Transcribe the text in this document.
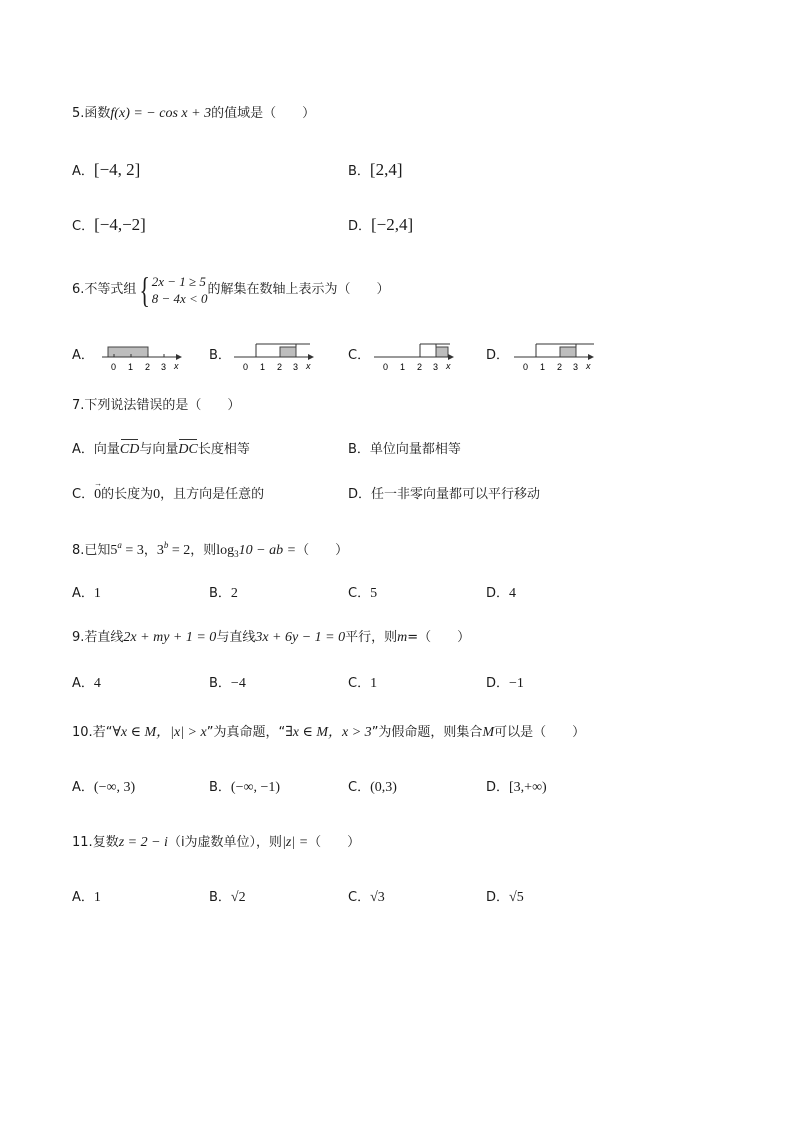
5.函数f(x) = − cos x + 3的值域是（　　）
A．[−4, 2]	B．[2,4]
C．[−4,−2]	D．[−2,4]
6.不等式组 { 2x − 1 ≥ 5
8 − 4x < 0
的解集在数轴上表示为（　　）
A．
0 1 2 3 x
B．
0 1 2 3 x
C．
0 1 2 3 x
D．
0 1 2 3 x
7.下列说法错误的是（　　）
A．向量CD与向量DC长度相等	B．单位向量都相等
C．→ 0的长度为0，且方向是任意的	D．任一非零向量都可以平行移动
8.已知$5^a = 3$，$3^b = 2$，则$\log_310$ − ab =（　　）
A．1	B．2	C．5	D．4
9.若直线2x + my + 1 = 0与直线3x + 6y − 1 = 0平行，则m=（　　）
A．4	B．−4	C．1	D．−1
10.若“∀x ∈ M，|x| > x”为真命题，“∃x ∈ M，x > 3”为假命题，则集合M可以是（　　）
A．(−∞, 3)	B．(−∞, −1)	C．(0,3)	D．[3,+∞)
11.复数z = 2 − i（i为虚数单位），则|z| =（　　）
A．1	B．√2	C．√3	D．√5
